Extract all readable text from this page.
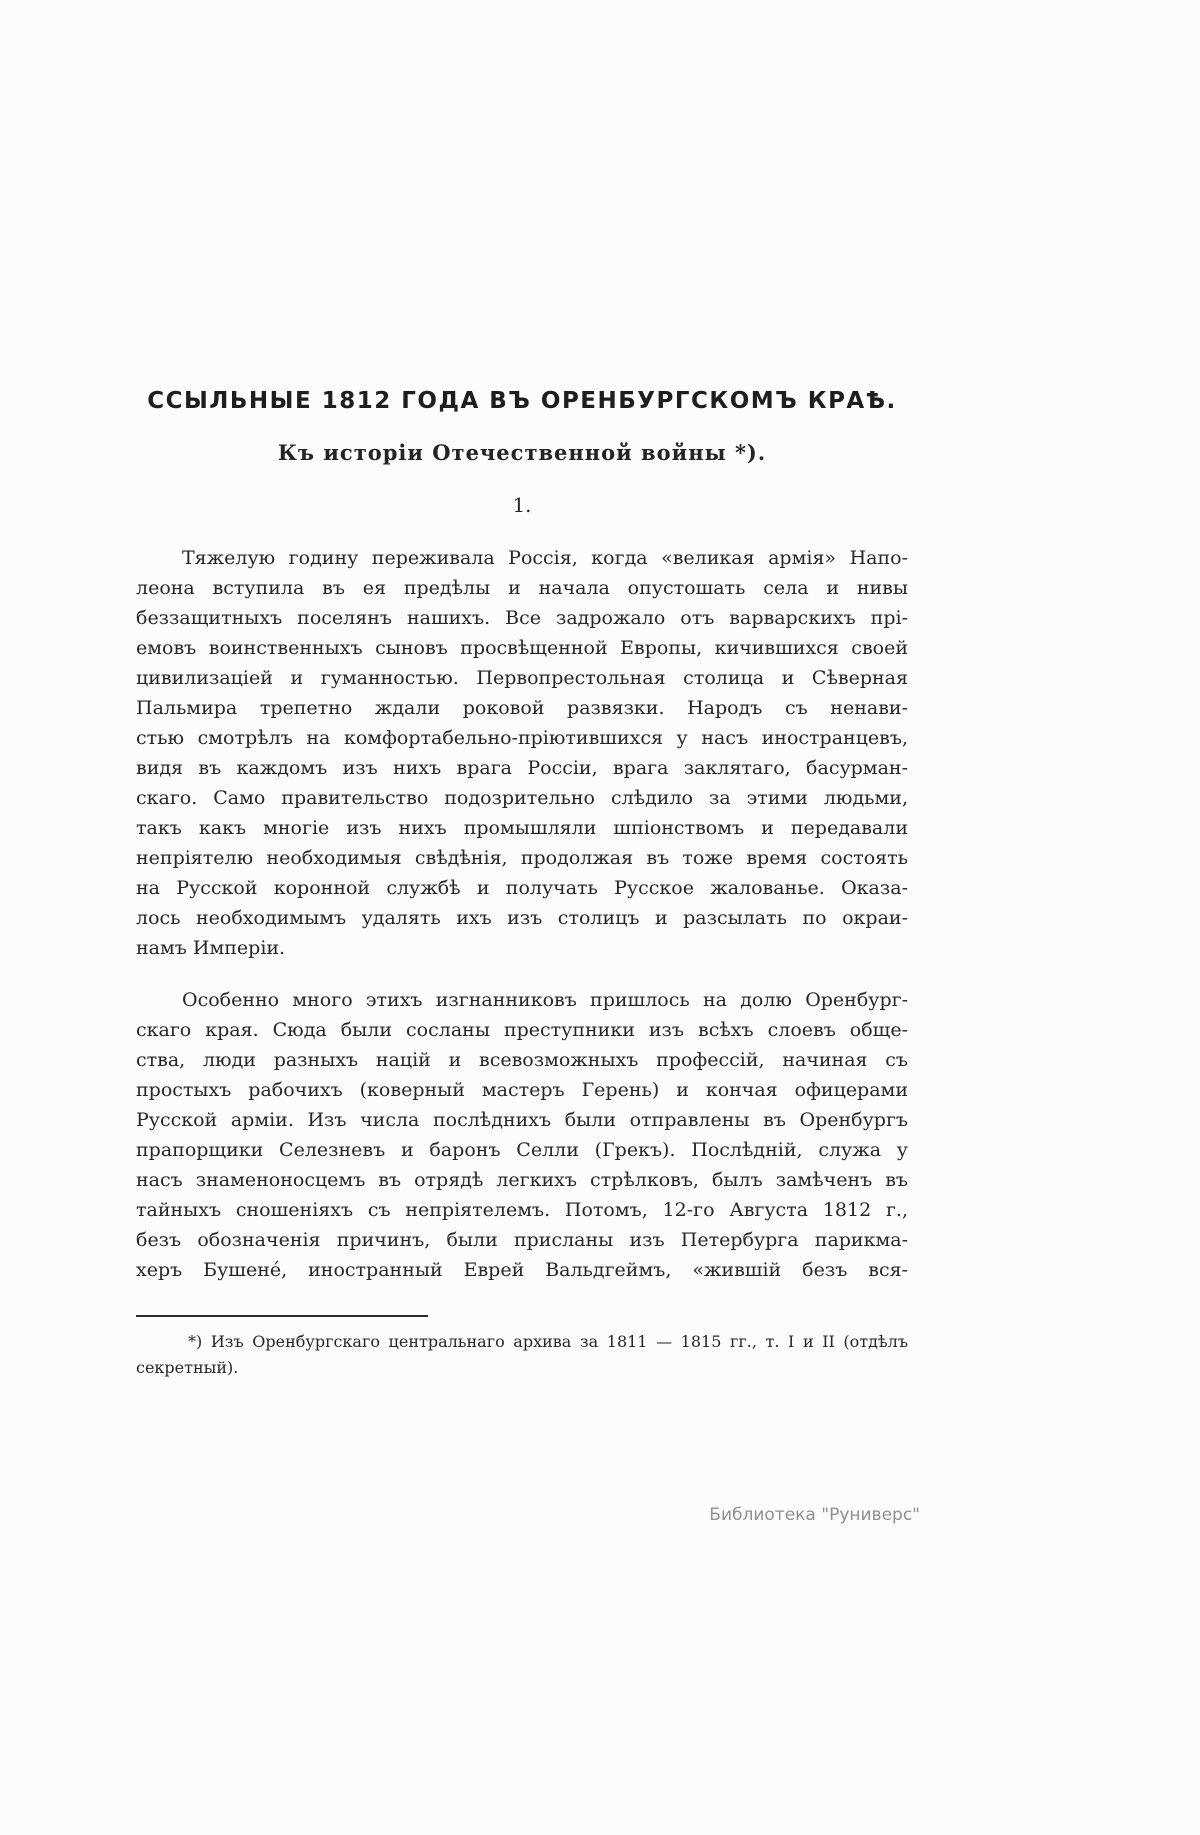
ССЫЛЬНЫЕ 1812 ГОДА ВЪ ОРЕНБУРГСКОМЪ КРАѢ.
Къ исторіи Отечественной войны *).
1.
Тяжелую годину переживала Россія, когда «великая армія» Напо-
леона вступила въ ея предѣлы и начала опустошать села и нивы
беззащитныхъ поселянъ нашихъ. Все задрожало отъ варварскихъ прі-
емовъ воинственныхъ сыновъ просвѣщенной Европы, кичившихся своей
цивилизаціей и гуманностью. Первопрестольная столица и Сѣверная
Пальмира трепетно ждали роковой развязки. Народъ съ ненави-
стью смотрѣлъ на комфортабельно-пріютившихся у насъ иностранцевъ,
видя въ каждомъ изъ нихъ врага Россіи, врага заклятаго, басурман-
скаго. Само правительство подозрительно слѣдило за этими людьми,
такъ какъ многіе изъ нихъ промышляли шпіонствомъ и передавали
непріятелю необходимыя свѣдѣнія, продолжая въ тоже время состоять
на Русской коронной службѣ и получать Русское жалованье. Оказа-
лось необходимымъ удалять ихъ изъ столицъ и разсылать по окраи-
намъ Имперіи.
Особенно много этихъ изгнанниковъ пришлось на долю Оренбург-
скаго края. Сюда были сосланы преступники изъ всѣхъ слоевъ обще-
ства, люди разныхъ націй и всевозможныхъ профессій, начиная съ
простыхъ рабочихъ (коверный мастеръ Герень) и кончая офицерами
Русской арміи. Изъ числа послѣднихъ были отправлены въ Оренбургъ
прапорщики Селезневъ и баронъ Селли (Грекъ). Послѣдній, служа у
насъ знаменоносцемъ въ отрядѣ легкихъ стрѣлковъ, былъ замѣченъ въ
тайныхъ сношеніяхъ съ непріятелемъ. Потомъ, 12-го Августа 1812 г.,
безъ обозначенія причинъ, были присланы изъ Петербурга парикма-
херъ Бушене́, иностранный Еврей Вальдгеймъ, «жившій безъ вся-
*) Изъ Оренбургскаго центральнаго архива за 1811 — 1815 гг., т. I и II (отдѣлъ
секретный).
Библиотека "Руниверс"
